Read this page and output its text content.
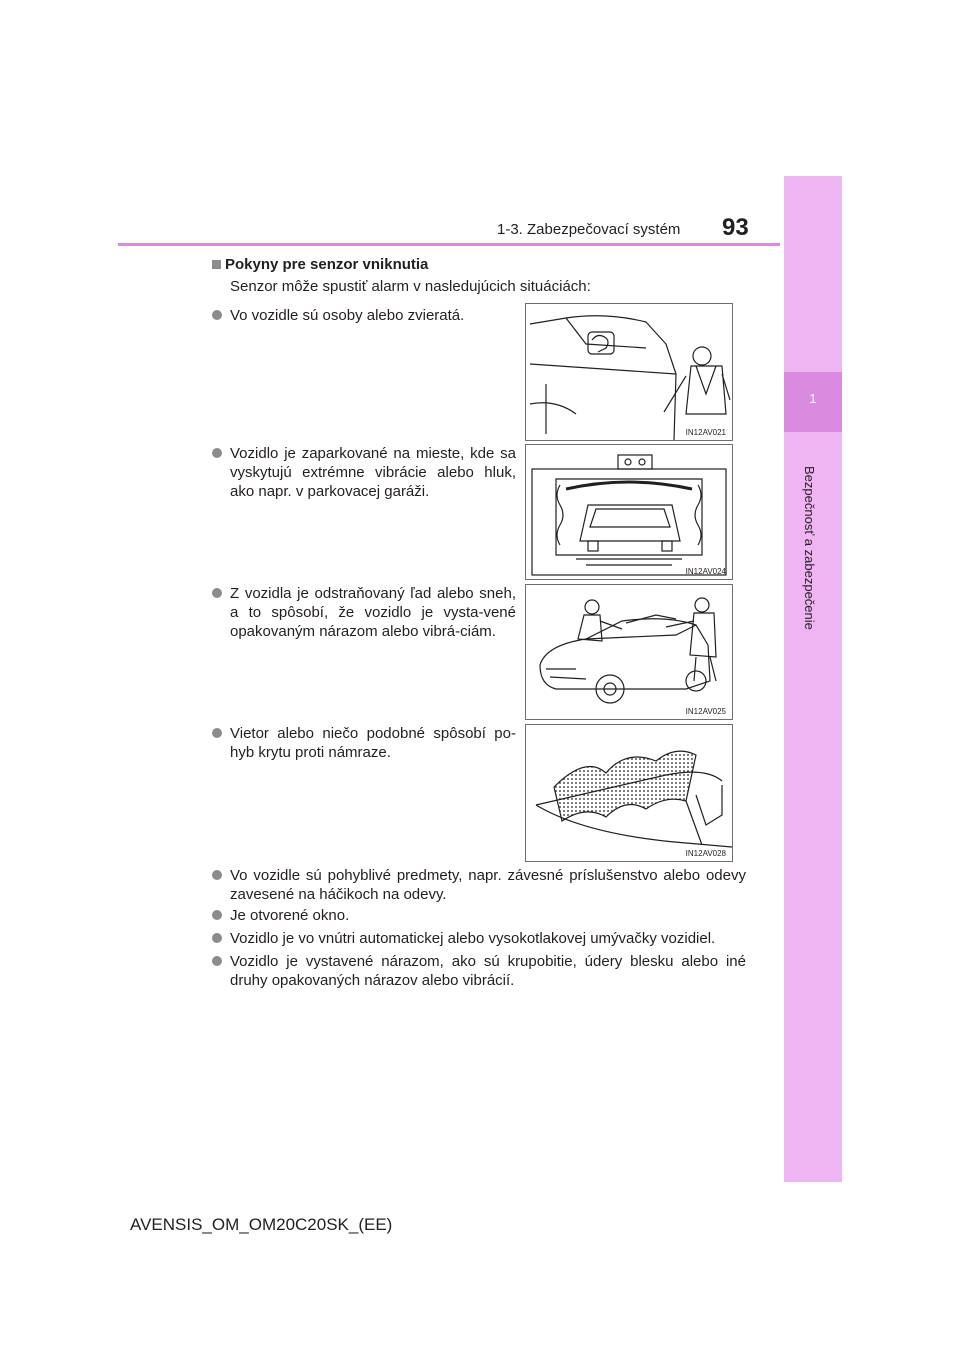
1-3. Zabezpečovací systém 93
1
Bezpečnosť a zabezpečenie
Pokyny pre senzor vniknutia
Senzor môže spustiť alarm v nasledujúcich situáciách:
Vo vozidle sú osoby alebo zvieratá.
Vozidlo je zaparkované na mieste, kde sa vyskytujú extrémne vibrácie alebo hluk, ako napr. v parkovacej garáži.
Z vozidla je odstraňovaný ľad alebo sneh, a to spôsobí, že vozidlo je vysta-vené opakovaným nárazom alebo vibrá-ciám.
Vietor alebo niečo podobné spôsobí po-hyb krytu proti námraze.
IN12AV021
IN12AV024
IN12AV025
IN12AV028
Vo vozidle sú pohyblivé predmety, napr. závesné príslušenstvo alebo odevy zavesené na háčikoch na odevy.
Je otvorené okno.
Vozidlo je vo vnútri automatickej alebo vysokotlakovej umývačky vozidiel.
Vozidlo je vystavené nárazom, ako sú krupobitie, údery blesku alebo iné druhy opakovaných nárazov alebo vibrácií.
AVENSIS_OM_OM20C20SK_(EE)
